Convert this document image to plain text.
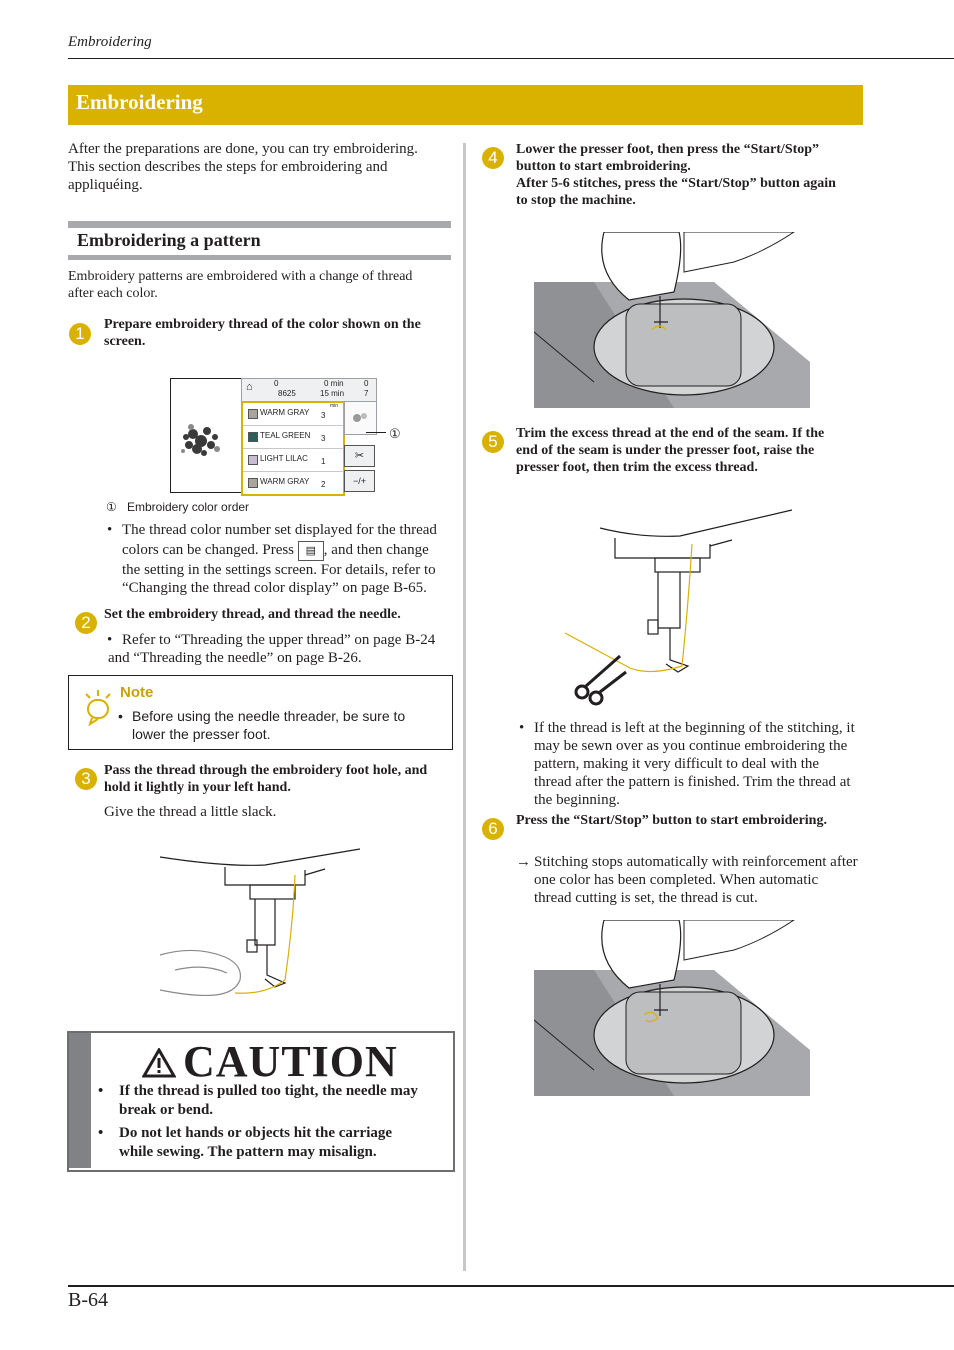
Embroidering
Embroidering
After the preparations are done, you can try embroidering.
This section describes the steps for embroidering and
appliquéing.
Embroidering a pattern
Embroidery patterns are embroidered with a change of thread
after each color.
1	Prepare embroidery thread of the color shown on the
screen.
⌂	0
8625
0 min
15 min
0
7
WARM GRAY 3
min
TEAL GREEN 3
LIGHT LILAC 1
WARM GRAY 2
①
✂
−/+
① Embroidery color order
• The thread color number set displayed for the thread
colors can be changed. Press ▤ , and then change
the setting in the settings screen. For details, refer to
“Changing the thread color display” on page B-65.
2 Set the embroidery thread, and thread the needle.
• Refer to “Threading the upper thread” on page B-24
and “Threading the needle” on page B-26.
Note
• Before using the needle threader, be sure to
lower the presser foot.
3 Pass the thread through the embroidery foot hole, and
hold it lightly in your left hand.
Give the thread a little slack.
CAUTION
• If the thread is pulled too tight, the needle may
break or bend.
• Do not let hands or objects hit the carriage
while sewing. The pattern may misalign.
4	Lower the presser foot, then press the “Start/Stop”
button to start embroidering.
After 5-6 stitches, press the “Start/Stop” button again
to stop the machine.
5	Trim the excess thread at the end of the seam. If the
end of the seam is under the presser foot, raise the
presser foot, then trim the excess thread.
• If the thread is left at the beginning of the stitching, it
may be sewn over as you continue embroidering the
pattern, making it very difficult to deal with the
thread after the pattern is finished. Trim the thread at
the beginning.
6	Press the “Start/Stop” button to start embroidering.
→ Stitching stops automatically with reinforcement after
one color has been completed. When automatic
thread cutting is set, the thread is cut.
B-64
